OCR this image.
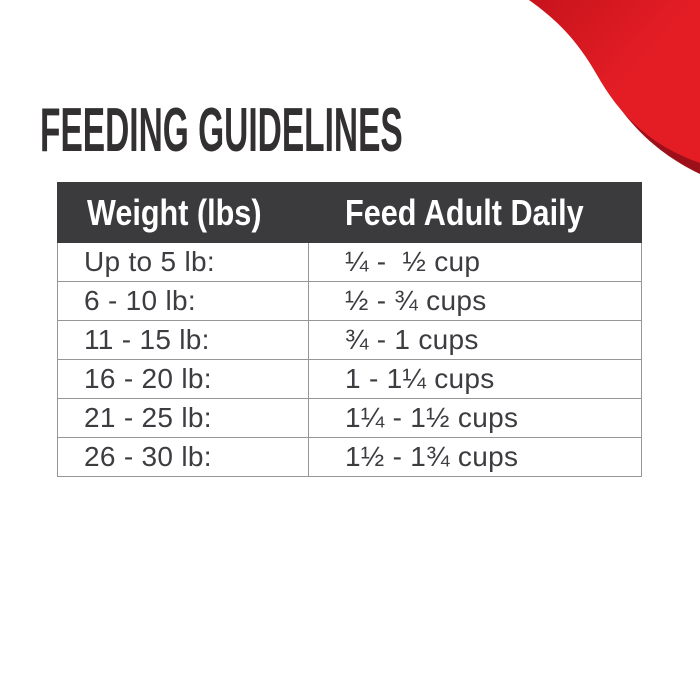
FEEDING GUIDELINES
Weight (lbs) Feed Adult Daily
Up to 5 lb:	¼ -  ½ cup
6 - 10 lb:	½ - ¾ cups
11 - 15 lb:	¾ - 1 cups
16 - 20 lb:	1 - 1¼ cups
21 - 25 lb:	1¼ - 1½ cups
26 - 30 lb:	1½ - 1¾ cups
